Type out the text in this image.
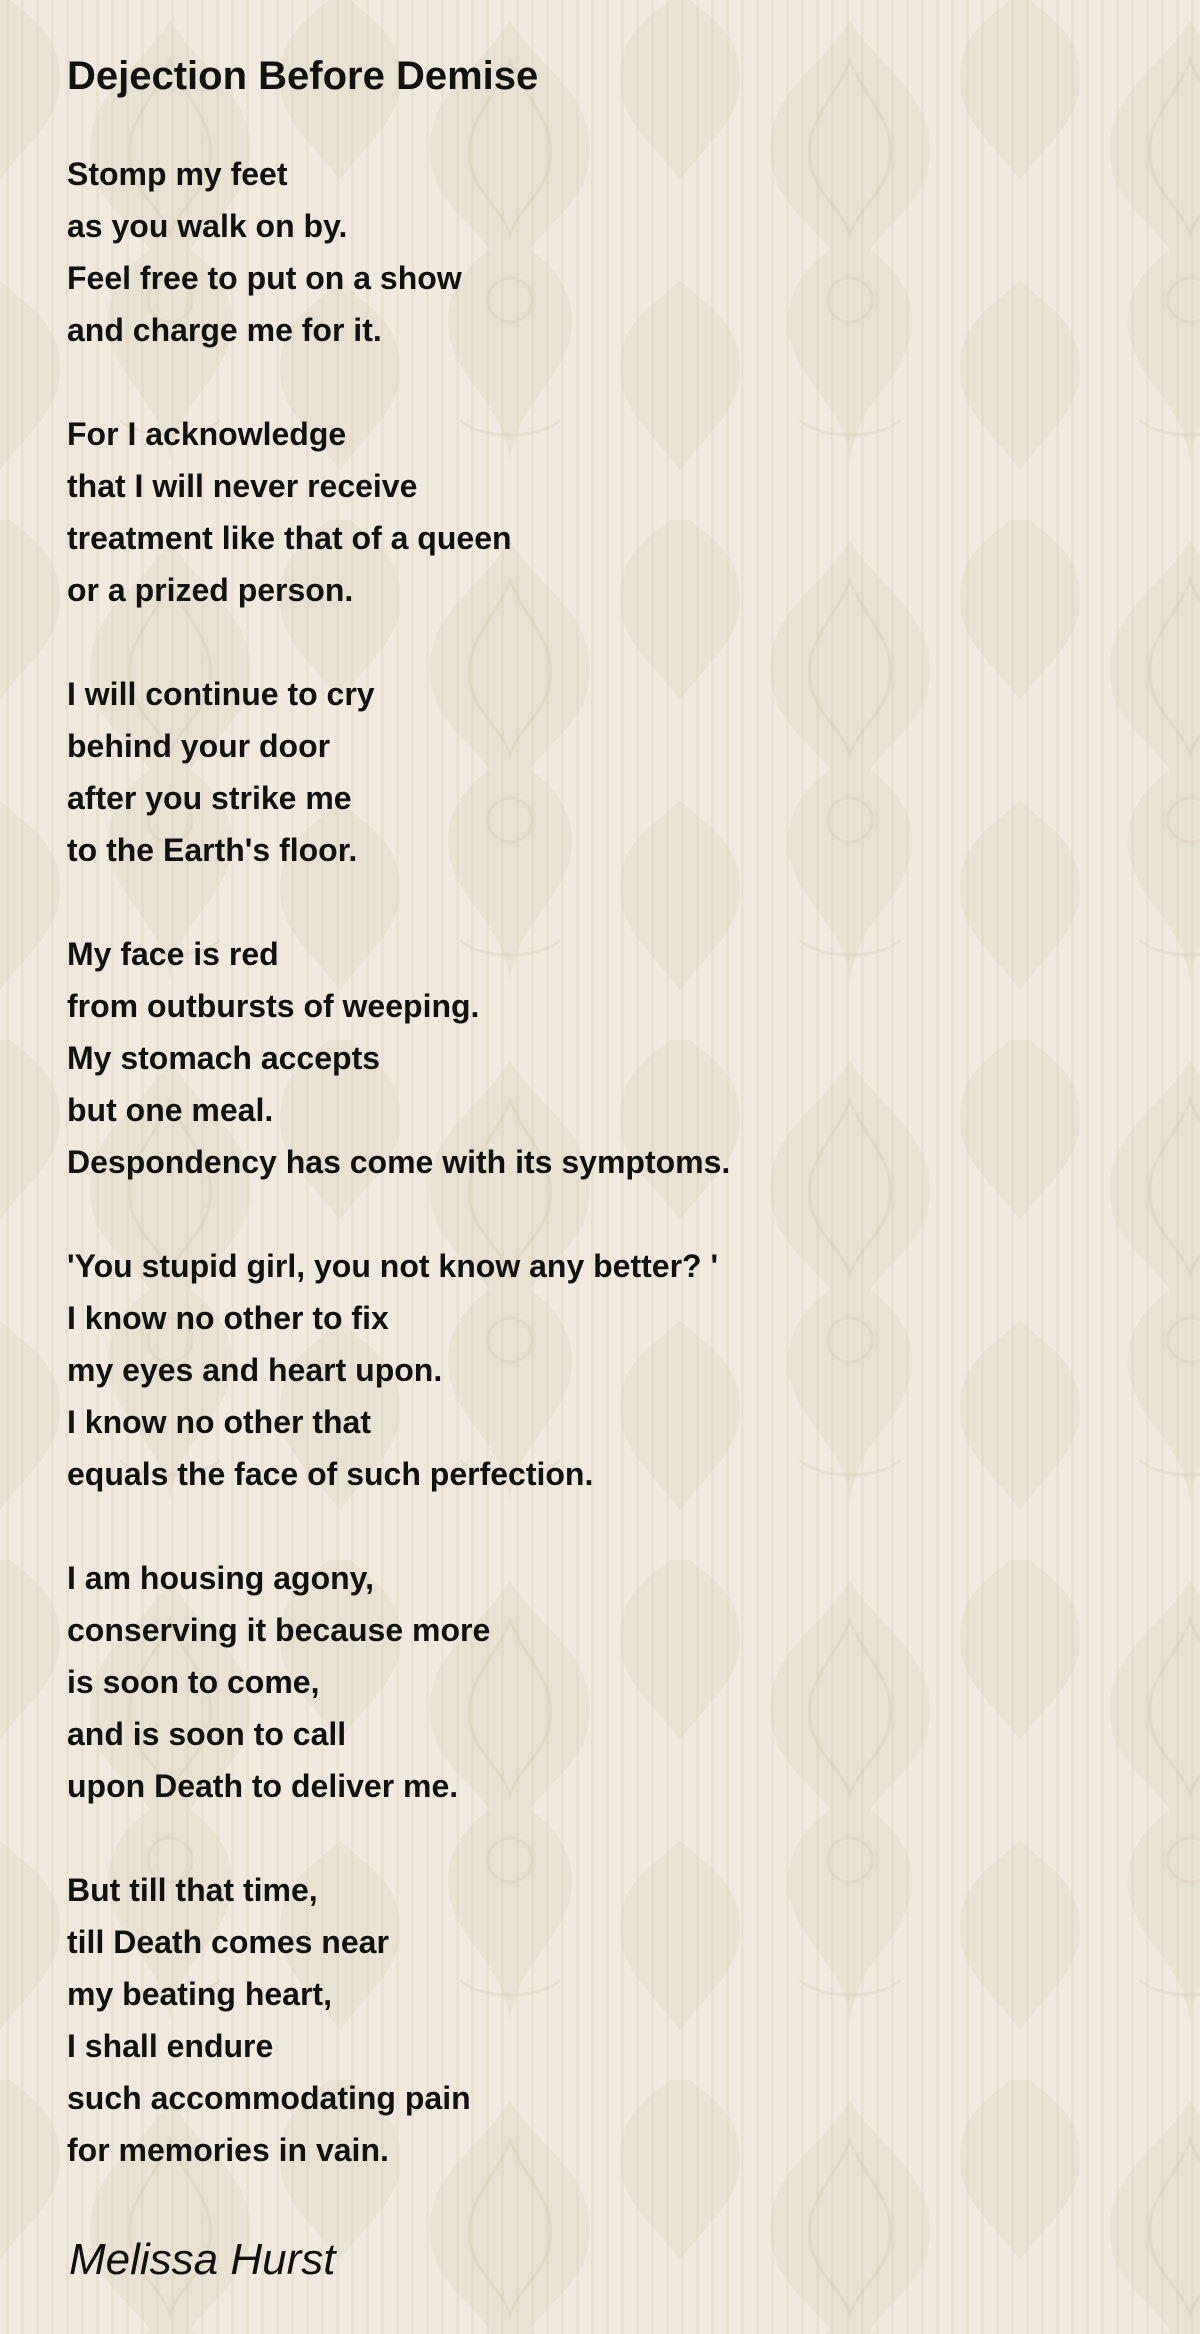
Dejection Before Demise
Stomp my feet
as you walk on by.
Feel free to put on a show
and charge me for it.
For I acknowledge
that I will never receive
treatment like that of a queen
or a prized person.
I will continue to cry
behind your door
after you strike me
to the Earth's floor.
My face is red
from outbursts of weeping.
My stomach accepts
but one meal.
Despondency has come with its symptoms.
'You stupid girl, you not know any better? '
I know no other to fix
my eyes and heart upon.
I know no other that
equals the face of such perfection.
I am housing agony,
conserving it because more
is soon to come,
and is soon to call
upon Death to deliver me.
But till that time,
till Death comes near
my beating heart,
I shall endure
such accommodating pain
for memories in vain.

Melissa Hurst
